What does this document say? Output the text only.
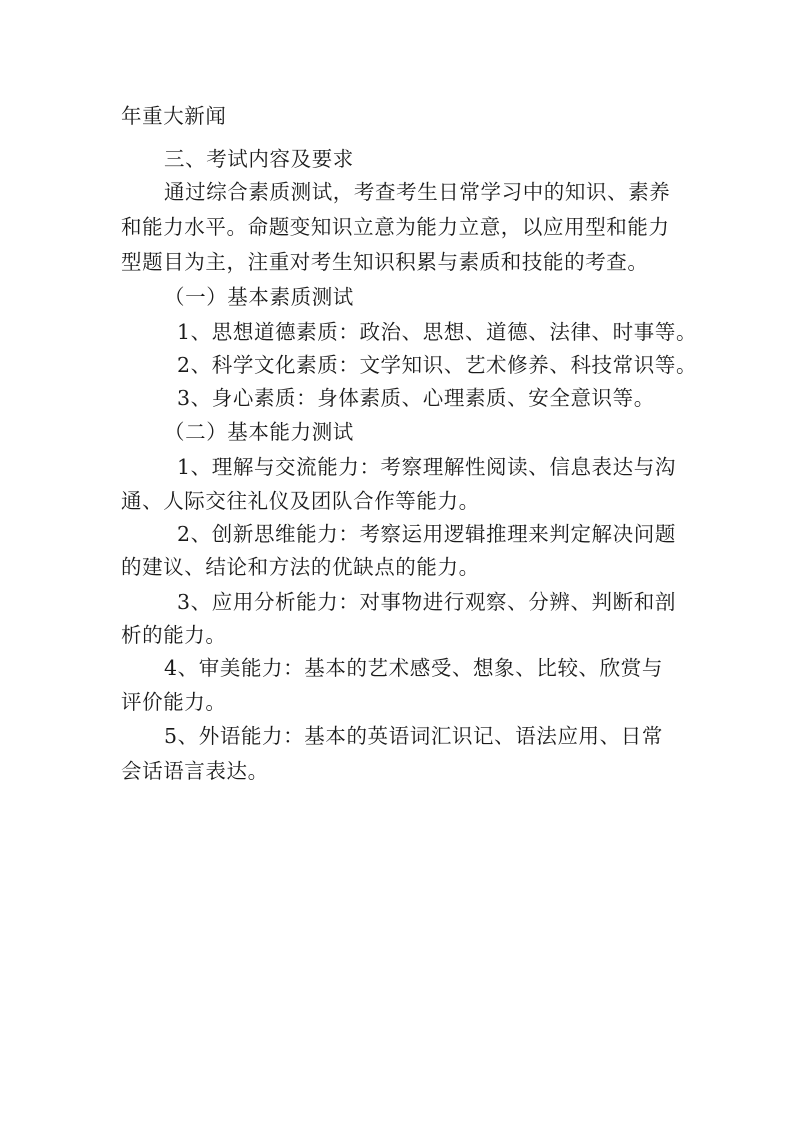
年重大新闻
三、考试内容及要求
通过综合素质测试，考查考生日常学习中的知识、素养
和能力水平。命题变知识立意为能力立意，以应用型和能力
型题目为主，注重对考生知识积累与素质和技能的考查。
（一）基本素质测试
1、思想道德素质：政治、思想、道德、法律、时事等。
2、科学文化素质：文学知识、艺术修养、科技常识等。
3、身心素质：身体素质、心理素质、安全意识等。
（二）基本能力测试
1、理解与交流能力：考察理解性阅读、信息表达与沟
通、人际交往礼仪及团队合作等能力。
2、创新思维能力：考察运用逻辑推理来判定解决问题
的建议、结论和方法的优缺点的能力。
3、应用分析能力：对事物进行观察、分辨、判断和剖
析的能力。
4、审美能力：基本的艺术感受、想象、比较、欣赏与
评价能力。
5、外语能力：基本的英语词汇识记、语法应用、日常
会话语言表达。
